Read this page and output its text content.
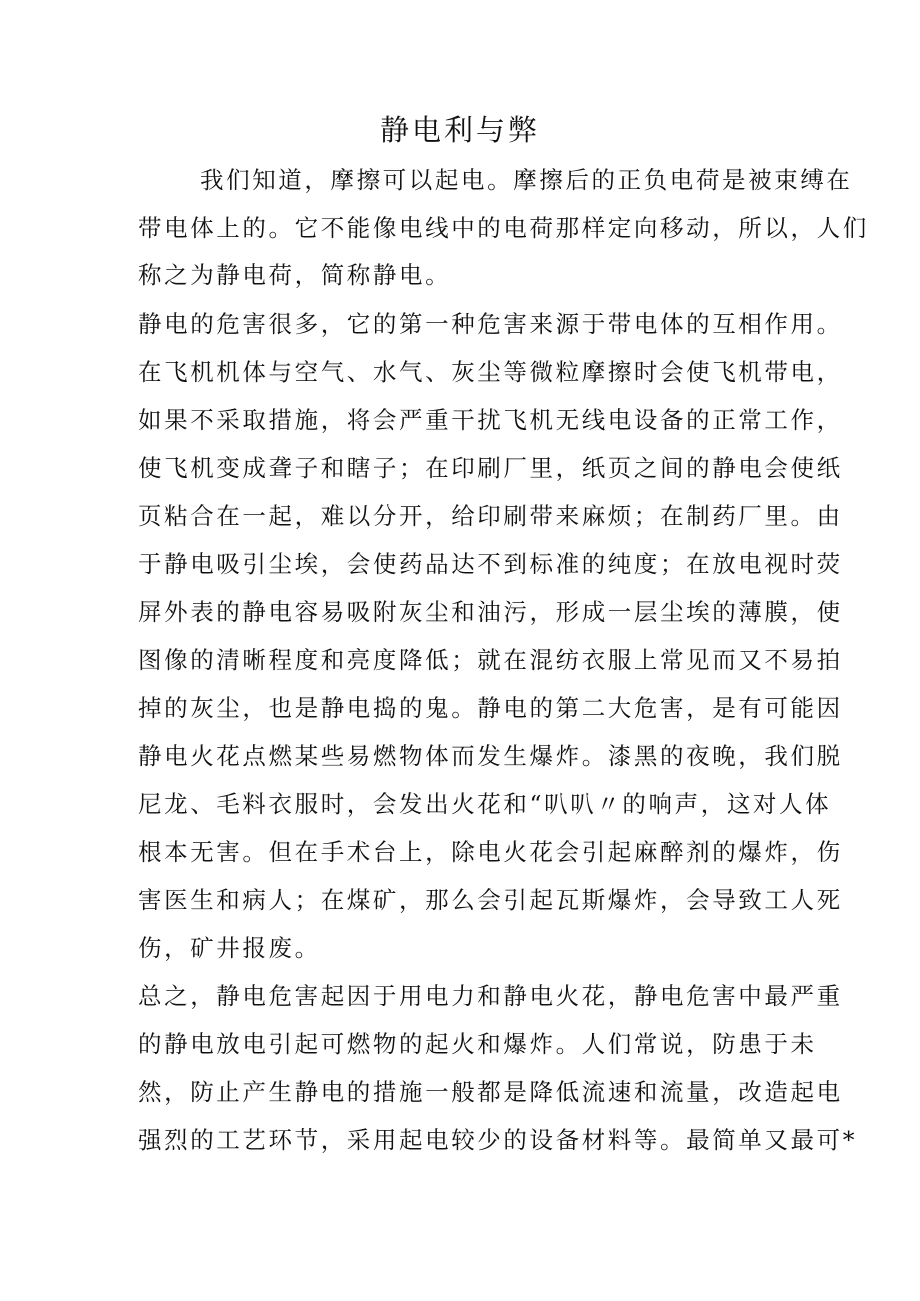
静电利与弊

我们知道，摩擦可以起电。摩擦后的正负电荷是被束缚在

带电体上的。它不能像电线中的电荷那样定向移动，所以，人们

称之为静电荷，简称静电。

静电的危害很多，它的第一种危害来源于带电体的互相作用。

在飞机机体与空气、水气、灰尘等微粒摩擦时会使飞机带电，

如果不采取措施，将会严重干扰飞机无线电设备的正常工作，

使飞机变成聋子和瞎子；在印刷厂里，纸页之间的静电会使纸

页粘合在一起，难以分开，给印刷带来麻烦；在制药厂里。由

于静电吸引尘埃，会使药品达不到标准的纯度；在放电视时荧

屏外表的静电容易吸附灰尘和油污，形成一层尘埃的薄膜，使

图像的清晰程度和亮度降低；就在混纺衣服上常见而又不易拍

掉的灰尘，也是静电捣的鬼。静电的第二大危害，是有可能因

静电火花点燃某些易燃物体而发生爆炸。漆黑的夜晚，我们脱

尼龙、毛料衣服时，会发出火花和“叭叭〃的响声，这对人体

根本无害。但在手术台上，除电火花会引起麻醉剂的爆炸，伤

害医生和病人；在煤矿，那么会引起瓦斯爆炸，会导致工人死

伤，矿井报废。

总之，静电危害起因于用电力和静电火花，静电危害中最严重

的静电放电引起可燃物的起火和爆炸。人们常说，防患于未

然，防止产生静电的措施一般都是降低流速和流量，改造起电

强烈的工艺环节，采用起电较少的设备材料等。最简单又最可*
